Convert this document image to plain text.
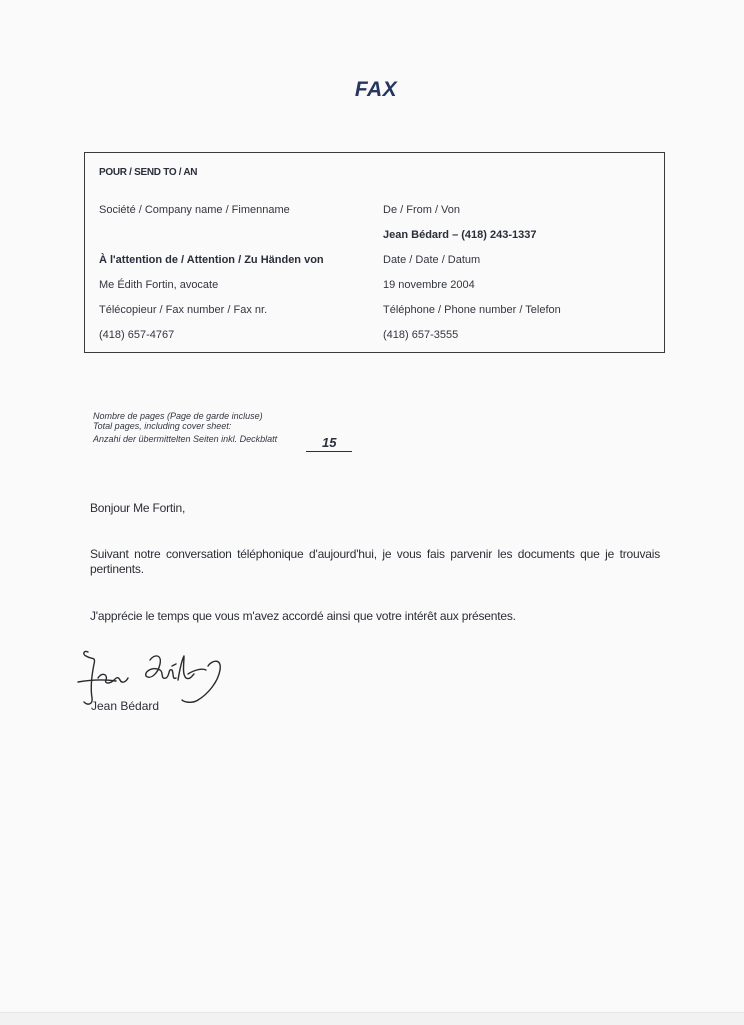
FAX
POUR / SEND TO / AN
Société / Company name / Fimenname
À l'attention de / Attention / Zu Händen von
Me Édith Fortin, avocate
Télécopieur / Fax number / Fax nr.
(418) 657-4767
De / From / Von
Jean Bédard – (418) 243-1337
Date / Date / Datum
19 novembre 2004
Téléphone / Phone number / Telefon
(418) 657-3555
Nombre de pages (Page de garde incluse)
Total pages, including cover sheet:
Anzahi der übermittelten Seiten inkl. Deckblatt	15
Bonjour Me Fortin,
Suivant notre conversation téléphonique d'aujourd'hui, je vous fais parvenir les documents que je trouvais pertinents.
J'apprécie le temps que vous m'avez accordé ainsi que votre intérêt aux présentes.
Jean Bédard
